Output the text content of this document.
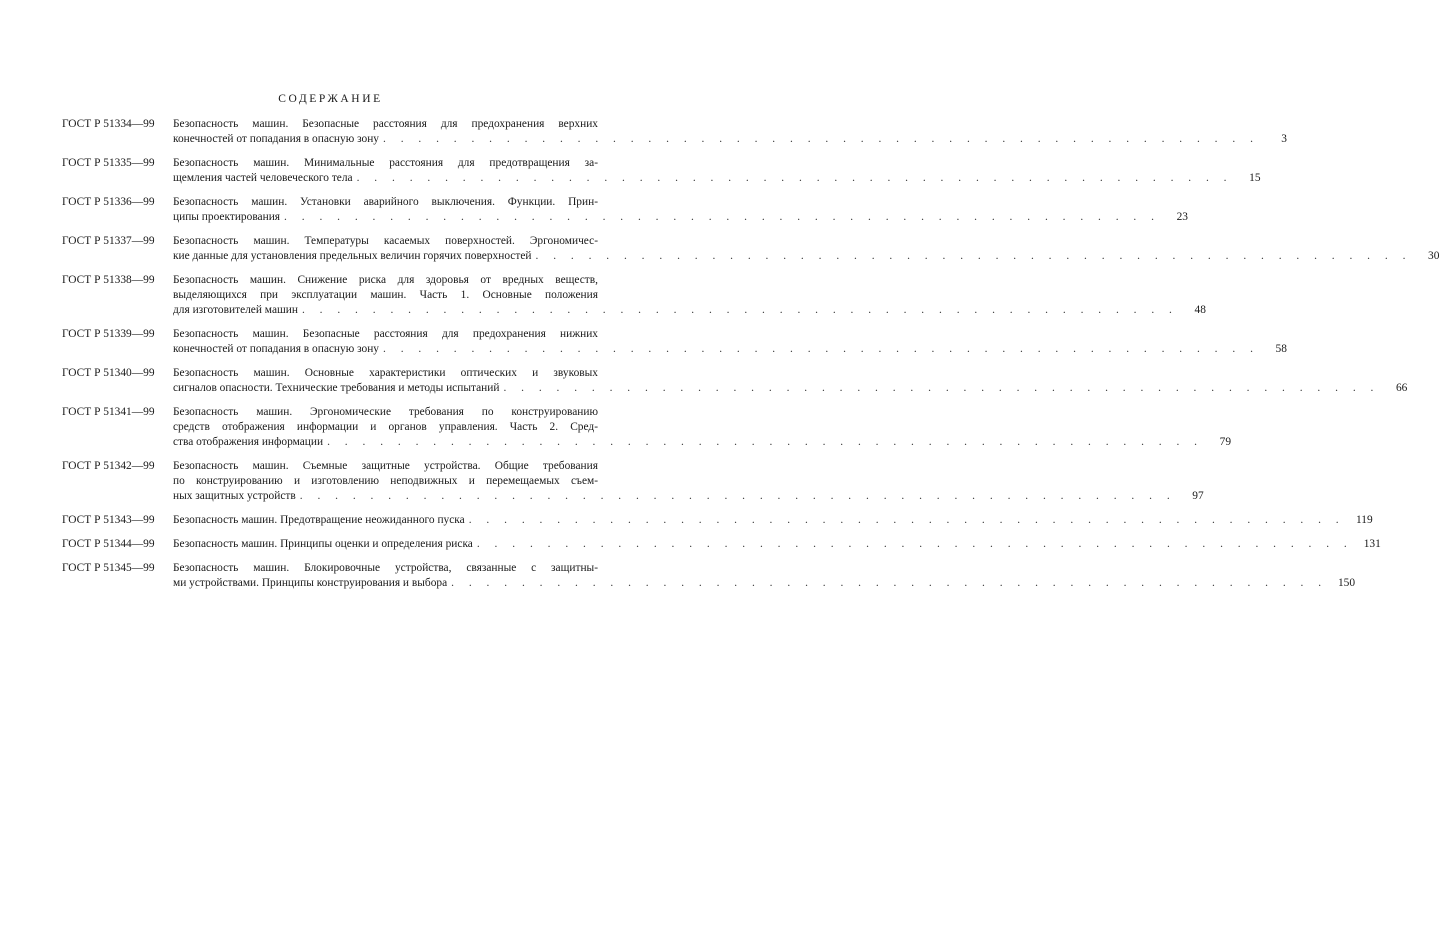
СОДЕРЖАНИЕ
ГОСТ Р 51334—99	Безопасность машин. Безопасные расстояния для предохранения верхних
конечностей от попадания в опасную зону . . . . . . . . . . . . . . . . . . . . . . . . . . . . . . . . . . . . . . . . . . . . . . . . . .	3
ГОСТ Р 51335—99	Безопасность машин. Минимальные расстояния для предотвращения за-
щемления частей человеческого тела . . . . . . . . . . . . . . . . . . . . . . . . . . . . . . . . . . . . . . . . . . . . . . . . . .	15
ГОСТ Р 51336—99	Безопасность машин. Установки аварийного выключения. Функции. Прин-
ципы проектирования . . . . . . . . . . . . . . . . . . . . . . . . . . . . . . . . . . . . . . . . . . . . . . . . . .	23
ГОСТ Р 51337—99	Безопасность машин. Температуры касаемых поверхностей. Эргономичес-
кие данные для установления предельных величин горячих поверхностей . . . . . . . . . . . . . . . . . . . . . . . . . . . . . . . . . . . . . . . . . . . . . . . . . .	30
ГОСТ Р 51338—99	Безопасность машин. Снижение риска для здоровья от вредных веществ,
выделяющихся при эксплуатации машин. Часть 1. Основные положения
для изготовителей машин . . . . . . . . . . . . . . . . . . . . . . . . . . . . . . . . . . . . . . . . . . . . . . . . . .	48
ГОСТ Р 51339—99	Безопасность машин. Безопасные расстояния для предохранения нижних
конечностей от попадания в опасную зону . . . . . . . . . . . . . . . . . . . . . . . . . . . . . . . . . . . . . . . . . . . . . . . . . .	58
ГОСТ Р 51340—99	Безопасность машин. Основные характеристики оптических и звуковых
сигналов опасности. Технические требования и методы испытаний . . . . . . . . . . . . . . . . . . . . . . . . . . . . . . . . . . . . . . . . . . . . . . . . . .	66
ГОСТ Р 51341—99	Безопасность машин. Эргономические требования по конструированию
средств отображения информации и органов управления. Часть 2. Сред-
ства отображения информации . . . . . . . . . . . . . . . . . . . . . . . . . . . . . . . . . . . . . . . . . . . . . . . . . .	79
ГОСТ Р 51342—99	Безопасность машин. Съемные защитные устройства. Общие требования
по конструированию и изготовлению неподвижных и перемещаемых съем-
ных защитных устройств . . . . . . . . . . . . . . . . . . . . . . . . . . . . . . . . . . . . . . . . . . . . . . . . . .	97
ГОСТ Р 51343—99	Безопасность машин. Предотвращение неожиданного пуска . . . . . . . . . . . . . . . . . . . . . . . . . . . . . . . . . . . . . . . . . . . . . . . . . . 119
ГОСТ Р 51344—99	Безопасность машин. Принципы оценки и определения риска . . . . . . . . . . . . . . . . . . . . . . . . . . . . . . . . . . . . . . . . . . . . . . . . . . 131
ГОСТ Р 51345—99	Безопасность машин. Блокировочные устройства, связанные с защитны-
ми устройствами. Принципы конструирования и выбора . . . . . . . . . . . . . . . . . . . . . . . . . . . . . . . . . . . . . . . . . . . . . . . . . . 150
